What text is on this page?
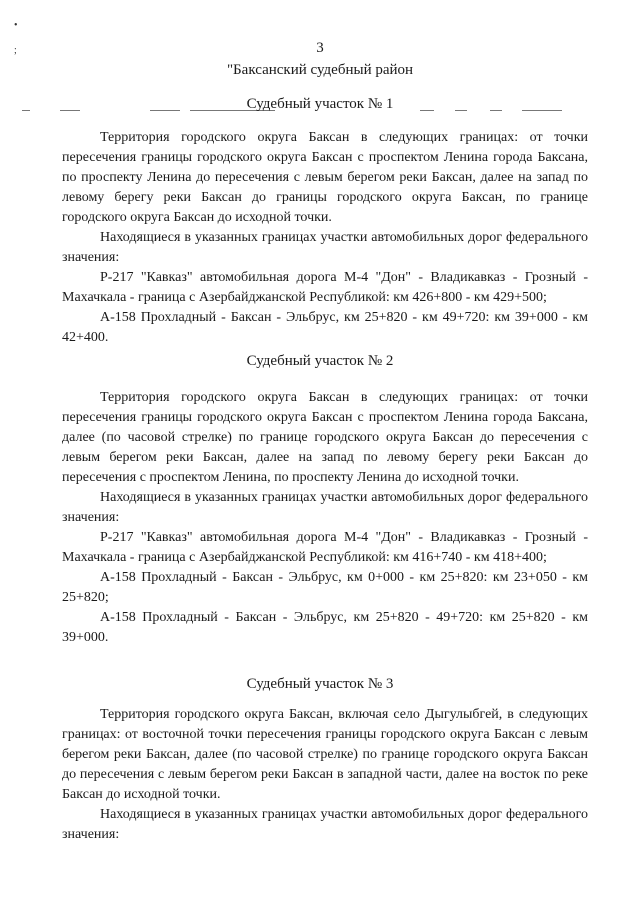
•
;	3
"Баксанский судебный район
Судебный участок № 1

Территория городского округа Баксан в следующих границах: от точки пересечения границы городского округа Баксан с проспектом Ленина города Баксана, по проспекту Ленина до пересечения с левым берегом реки Баксан, далее на запад по левому берегу реки Баксан до границы городского округа Баксан, по границе городского округа Баксан до исходной точки.

Находящиеся в указанных границах участки автомобильных дорог федерального значения:

Р-217 "Кавказ" автомобильная дорога М-4 "Дон" - Владикавказ - Грозный - Махачкала - граница с Азербайджанской Республикой: км 426+800 - км 429+500;

А-158 Прохладный - Баксан - Эльбрус, км 25+820 - км 49+720: км 39+000 - км 42+400.

Судебный участок № 2

Территория городского округа Баксан в следующих границах: от точки пересечения границы городского округа Баксан с проспектом Ленина города Баксана, далее (по часовой стрелке) по границе городского округа Баксан до пересечения с левым берегом реки Баксан, далее на запад по левому берегу реки Баксан до пересечения с проспектом Ленина, по проспекту Ленина до исходной точки.

Находящиеся в указанных границах участки автомобильных дорог федерального значения:

Р-217 "Кавказ" автомобильная дорога М-4 "Дон" - Владикавказ - Грозный - Махачкала - граница с Азербайджанской Республикой: км 416+740 - км 418+400;

А-158 Прохладный - Баксан - Эльбрус, км 0+000 - км 25+820: км 23+050 - км 25+820;

А-158 Прохладный - Баксан - Эльбрус, км 25+820 - 49+720: км 25+820 - км 39+000.

Судебный участок № 3

Территория городского округа Баксан, включая село Дыгулыбгей, в следующих границах: от восточной точки пересечения границы городского округа Баксан с левым берегом реки Баксан, далее (по часовой стрелке) по границе городского округа Баксан до пересечения с левым берегом реки Баксан в западной части, далее на восток по реке Баксан до исходной точки.

Находящиеся в указанных границах участки автомобильных дорог федерального значения:
